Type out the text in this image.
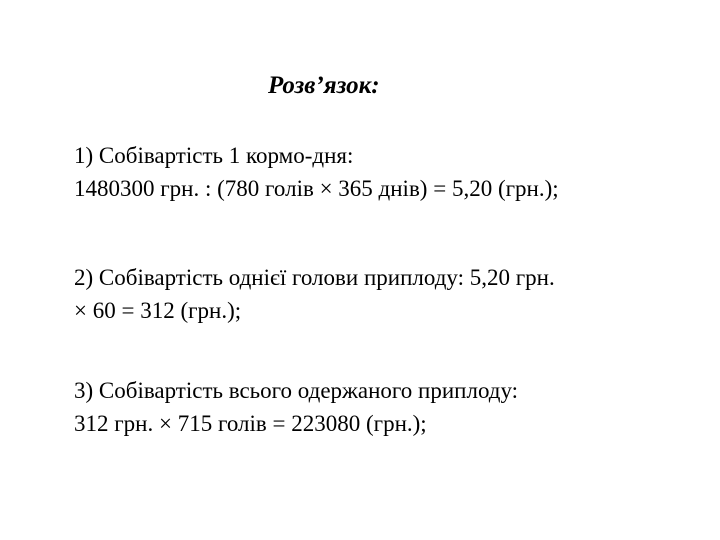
Розв’язок:
1) Собівартість 1 кормо-дня:
1480300 грн. : (780 голів × 365 днів) = 5,20 (грн.);
2) Собівартість однієї голови приплоду: 5,20 грн.
× 60 = 312 (грн.);
3) Собівартість всього одержаного приплоду:
312 грн. × 715 голів = 223080 (грн.);
